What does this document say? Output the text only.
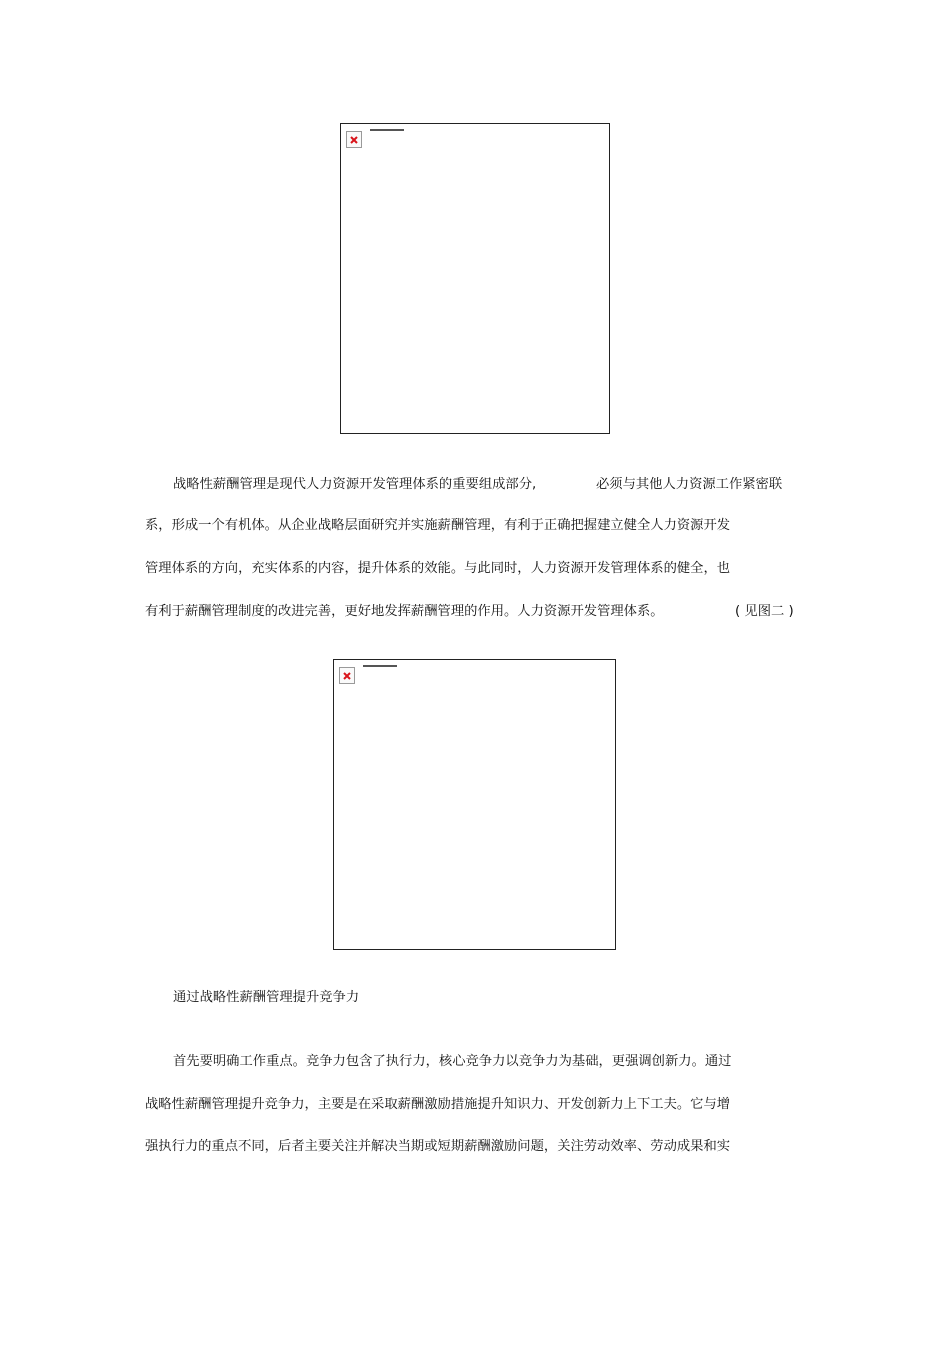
战略性薪酬管理是现代人力资源开发管理体系的重要组成部分,	必须与其他人力资源工作紧密联
系，形成一个有机体。从企业战略层面研究并实施薪酬管理，有利于正确把握建立健全人力资源开发
管理体系的方向，充实体系的内容，提升体系的效能。与此同时，人力资源开发管理体系的健全，也
有利于薪酬管理制度的改进完善，更好地发挥薪酬管理的作用。人力资源开发管理体系。	( 见图二 )
通过战略性薪酬管理提升竞争力
首先要明确工作重点。竞争力包含了执行力，核心竞争力以竞争力为基础，更强调创新力。通过
战略性薪酬管理提升竞争力，主要是在采取薪酬激励措施提升知识力、开发创新力上下工夫。它与增
强执行力的重点不同，后者主要关注并解决当期或短期薪酬激励问题，关注劳动效率、劳动成果和实
